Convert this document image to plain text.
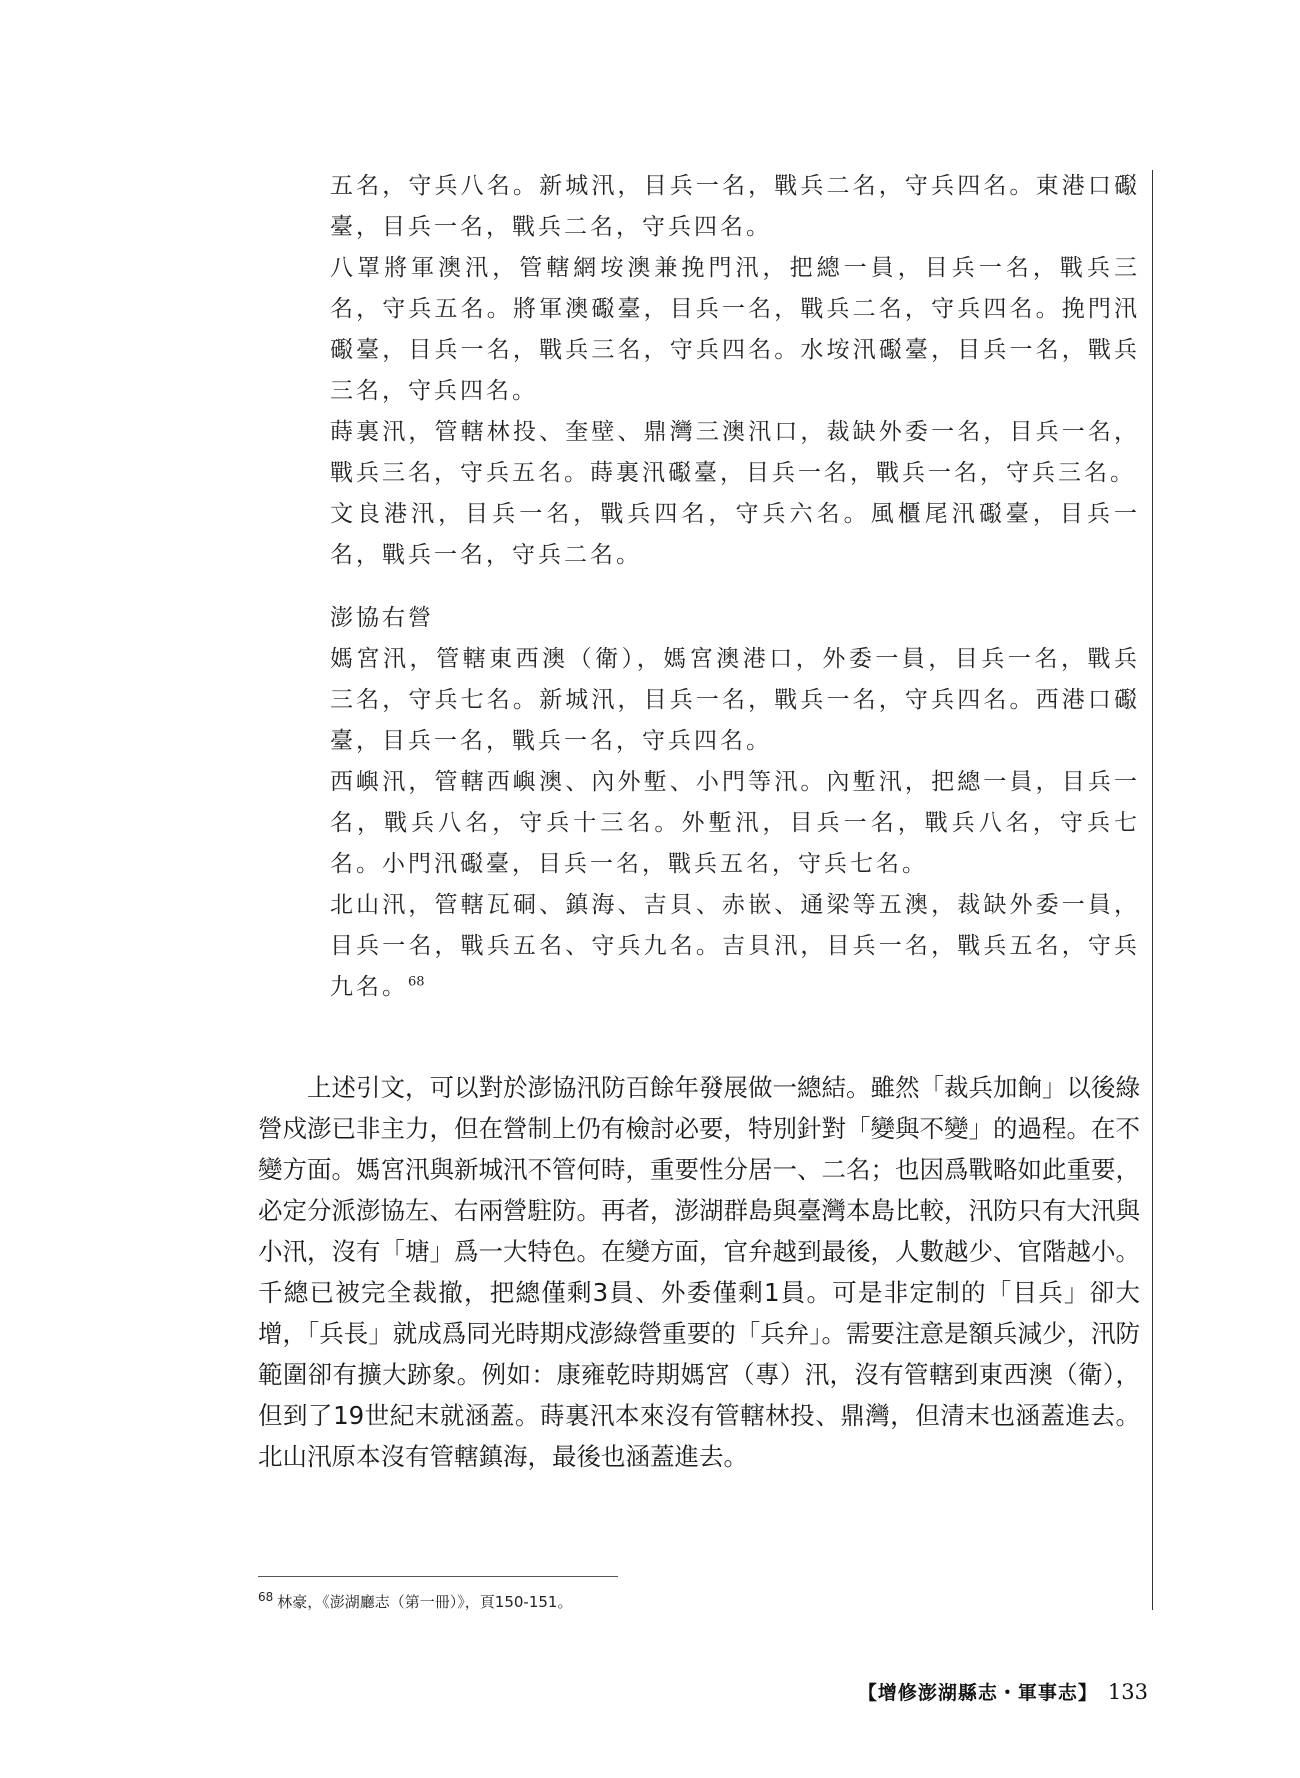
五名，守兵八名。新城汛，目兵一名，戰兵二名，守兵四名。東港口礟臺，目兵一名，戰兵二名，守兵四名。

八罩將軍澳汛，管轄網垵澳兼挽門汛，把總一員，目兵一名，戰兵三名，守兵五名。將軍澳礟臺，目兵一名，戰兵二名，守兵四名。挽門汛礟臺，目兵一名，戰兵三名，守兵四名。水垵汛礟臺，目兵一名，戰兵三名，守兵四名。

蒔裏汛，管轄林投、奎壁、鼎灣三澳汛口，裁缺外委一名，目兵一名，戰兵三名，守兵五名。蒔裏汛礟臺，目兵一名，戰兵一名，守兵三名。

文良港汛，目兵一名，戰兵四名，守兵六名。風櫃尾汛礟臺，目兵一名，戰兵一名，守兵二名。

澎協右營

媽宮汛，管轄東西澳（衛），媽宮澳港口，外委一員，目兵一名，戰兵三名，守兵七名。新城汛，目兵一名，戰兵一名，守兵四名。西港口礟臺，目兵一名，戰兵一名，守兵四名。

西嶼汛，管轄西嶼澳、內外塹、小門等汛。內塹汛，把總一員，目兵一名，戰兵八名，守兵十三名。外塹汛，目兵一名，戰兵八名，守兵七名。小門汛礟臺，目兵一名，戰兵五名，守兵七名。

北山汛，管轄瓦硐、鎮海、吉貝、赤嵌、通梁等五澳，裁缺外委一員，目兵一名，戰兵五名、守兵九名。吉貝汛，目兵一名，戰兵五名，守兵九名。$^{68}$

上述引文，可以對於澎協汛防百餘年發展做一總結。雖然「裁兵加餉」以後綠營戍澎已非主力，但在營制上仍有檢討必要，特別針對「變與不變」的過程。在不變方面。媽宮汛與新城汛不管何時，重要性分居一、二名；也因爲戰略如此重要，必定分派澎協左、右兩營駐防。再者，澎湖群島與臺灣本島比較，汛防只有大汛與小汛，沒有「塘」爲一大特色。在變方面，官弁越到最後，人數越少、官階越小。千總已被完全裁撤，把總僅剩3員、外委僅剩1員。可是非定制的「目兵」卻大增，「兵長」就成爲同光時期戍澎綠營重要的「兵弁」。需要注意是額兵減少，汛防範圍卻有擴大跡象。例如：康雍乾時期媽宮（專）汛，沒有管轄到東西澳（衛），但到了19世紀末就涵蓋。蒔裏汛本來沒有管轄林投、鼎灣，但清末也涵蓋進去。北山汛原本沒有管轄鎮海，最後也涵蓋進去。

$^{68}$ 林豪，《澎湖廳志（第一冊）》，頁150-151。
【增修澎湖縣志・軍事志】 133
